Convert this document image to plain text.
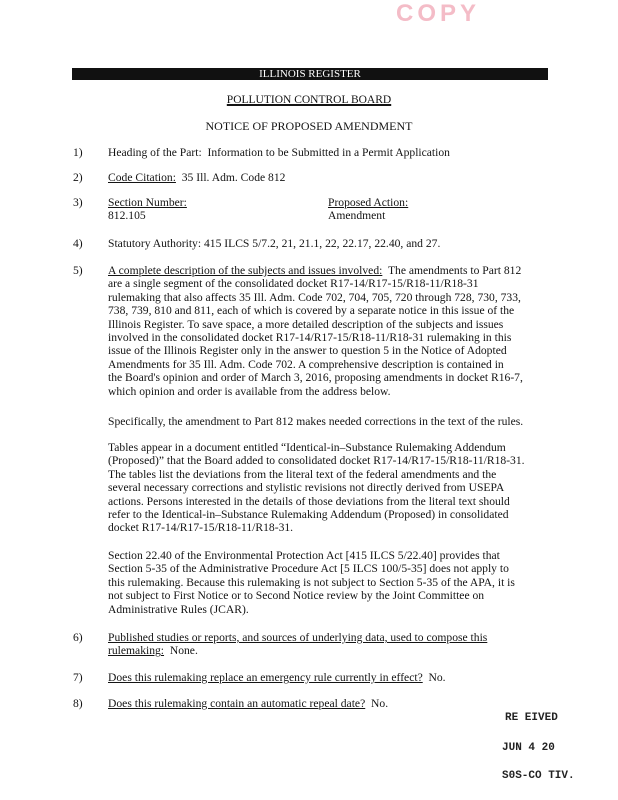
COPY
ILLINOIS REGISTER
POLLUTION CONTROL BOARD
NOTICE OF PROPOSED AMENDMENT
1)	Heading of the Part: Information to be Submitted in a Permit Application
2)	Code Citation: 35 Ill. Adm. Code 812
3)	Section Number:
812.105
Proposed Action:
Amendment
4)	Statutory Authority: 415 ILCS 5/7.2, 21, 21.1, 22, 22.17, 22.40, and 27.
5)	A complete description of the subjects and issues involved: The amendments to Part 812
are a single segment of the consolidated docket R17-14/R17-15/R18-11/R18-31
rulemaking that also affects 35 Ill. Adm. Code 702, 704, 705, 720 through 728, 730, 733,
738, 739, 810 and 811, each of which is covered by a separate notice in this issue of the
Illinois Register. To save space, a more detailed description of the subjects and issues
involved in the consolidated docket R17-14/R17-15/R18-11/R18-31 rulemaking in this
issue of the Illinois Register only in the answer to question 5 in the Notice of Adopted
Amendments for 35 Ill. Adm. Code 702. A comprehensive description is contained in
the Board's opinion and order of March 3, 2016, proposing amendments in docket R16-7,
which opinion and order is available from the address below.
Specifically, the amendment to Part 812 makes needed corrections in the text of the rules.
Tables appear in a document entitled “Identical-in–Substance Rulemaking Addendum
(Proposed)” that the Board added to consolidated docket R17-14/R17-15/R18-11/R18-31.
The tables list the deviations from the literal text of the federal amendments and the
several necessary corrections and stylistic revisions not directly derived from USEPA
actions. Persons interested in the details of those deviations from the literal text should
refer to the Identical-in–Substance Rulemaking Addendum (Proposed) in consolidated
docket R17-14/R17-15/R18-11/R18-31.
Section 22.40 of the Environmental Protection Act [415 ILCS 5/22.40] provides that
Section 5-35 of the Administrative Procedure Act [5 ILCS 100/5-35] does not apply to
this rulemaking. Because this rulemaking is not subject to Section 5-35 of the APA, it is
not subject to First Notice or to Second Notice review by the Joint Committee on
Administrative Rules (JCAR).
6)	Published studies or reports, and sources of underlying data, used to compose this
rulemaking: None.
7)	Does this rulemaking replace an emergency rule currently in effect? No.
8)	Does this rulemaking contain an automatic repeal date? No.
RE EIVED
JUN 4 20
S0S-CO TIV.
